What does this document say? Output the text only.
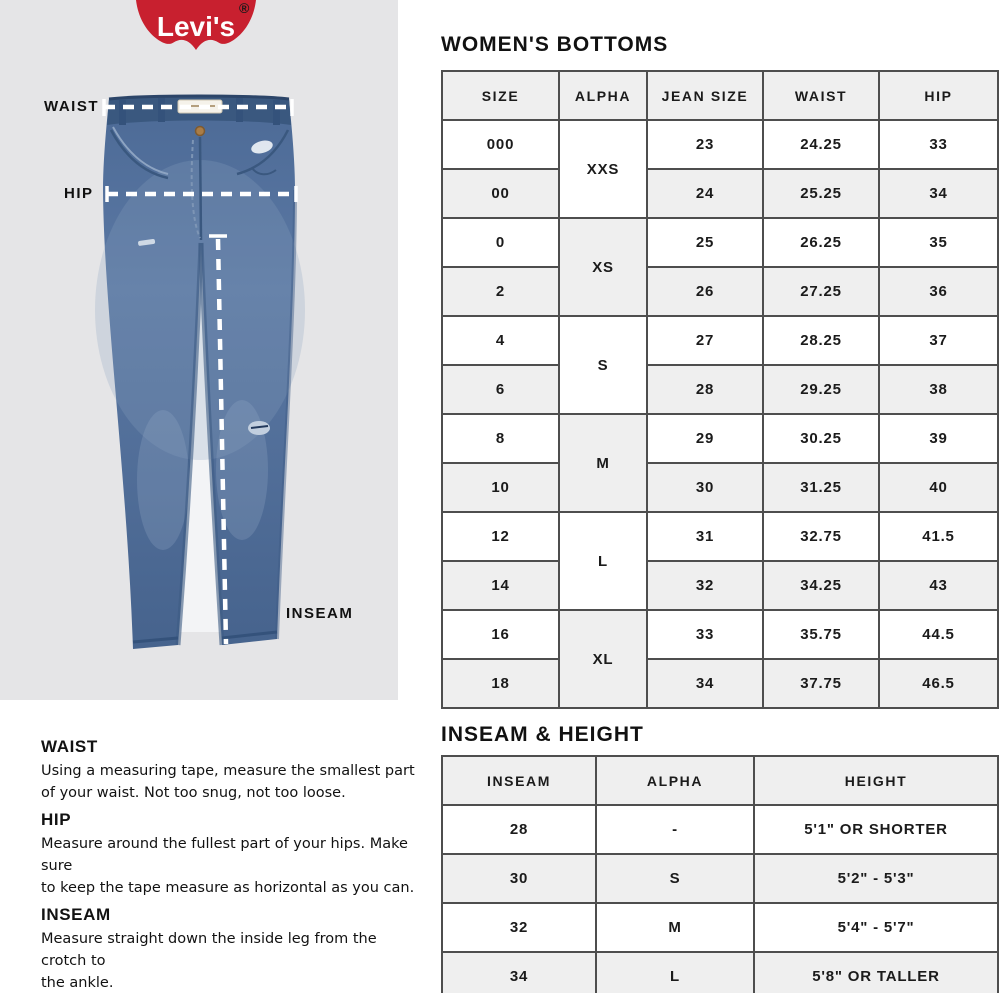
Levi's
®
WAIST
HIP
INSEAM
WOMEN'S BOTTOMS
SIZE	ALPHA	JEAN SIZE	WAIST	HIP
000	XXS	23	24.25	33
00		24	25.25	34
0	XS	25	26.25	35
2		26	27.25	36
4	S	27	28.25	37
6		28	29.25	38
8	M	29	30.25	39
10		30	31.25	40
12	L	31	32.75	41.5
14		32	34.25	43
16	XL	33	35.75	44.5
18		34	37.75	46.5
INSEAM & HEIGHT
INSEAM	ALPHA	HEIGHT
28	-	5'1" OR SHORTER
30	S	5'2" - 5'3"
32	M	5'4" - 5'7"
34	L	5'8" OR TALLER
WAIST
Using a measuring tape, measure the smallest part
of your waist. Not too snug, not too loose.
HIP
Measure around the fullest part of your hips. Make sure
to keep the tape measure as horizontal as you can.
INSEAM
Measure straight down the inside leg from the crotch to
the ankle.
